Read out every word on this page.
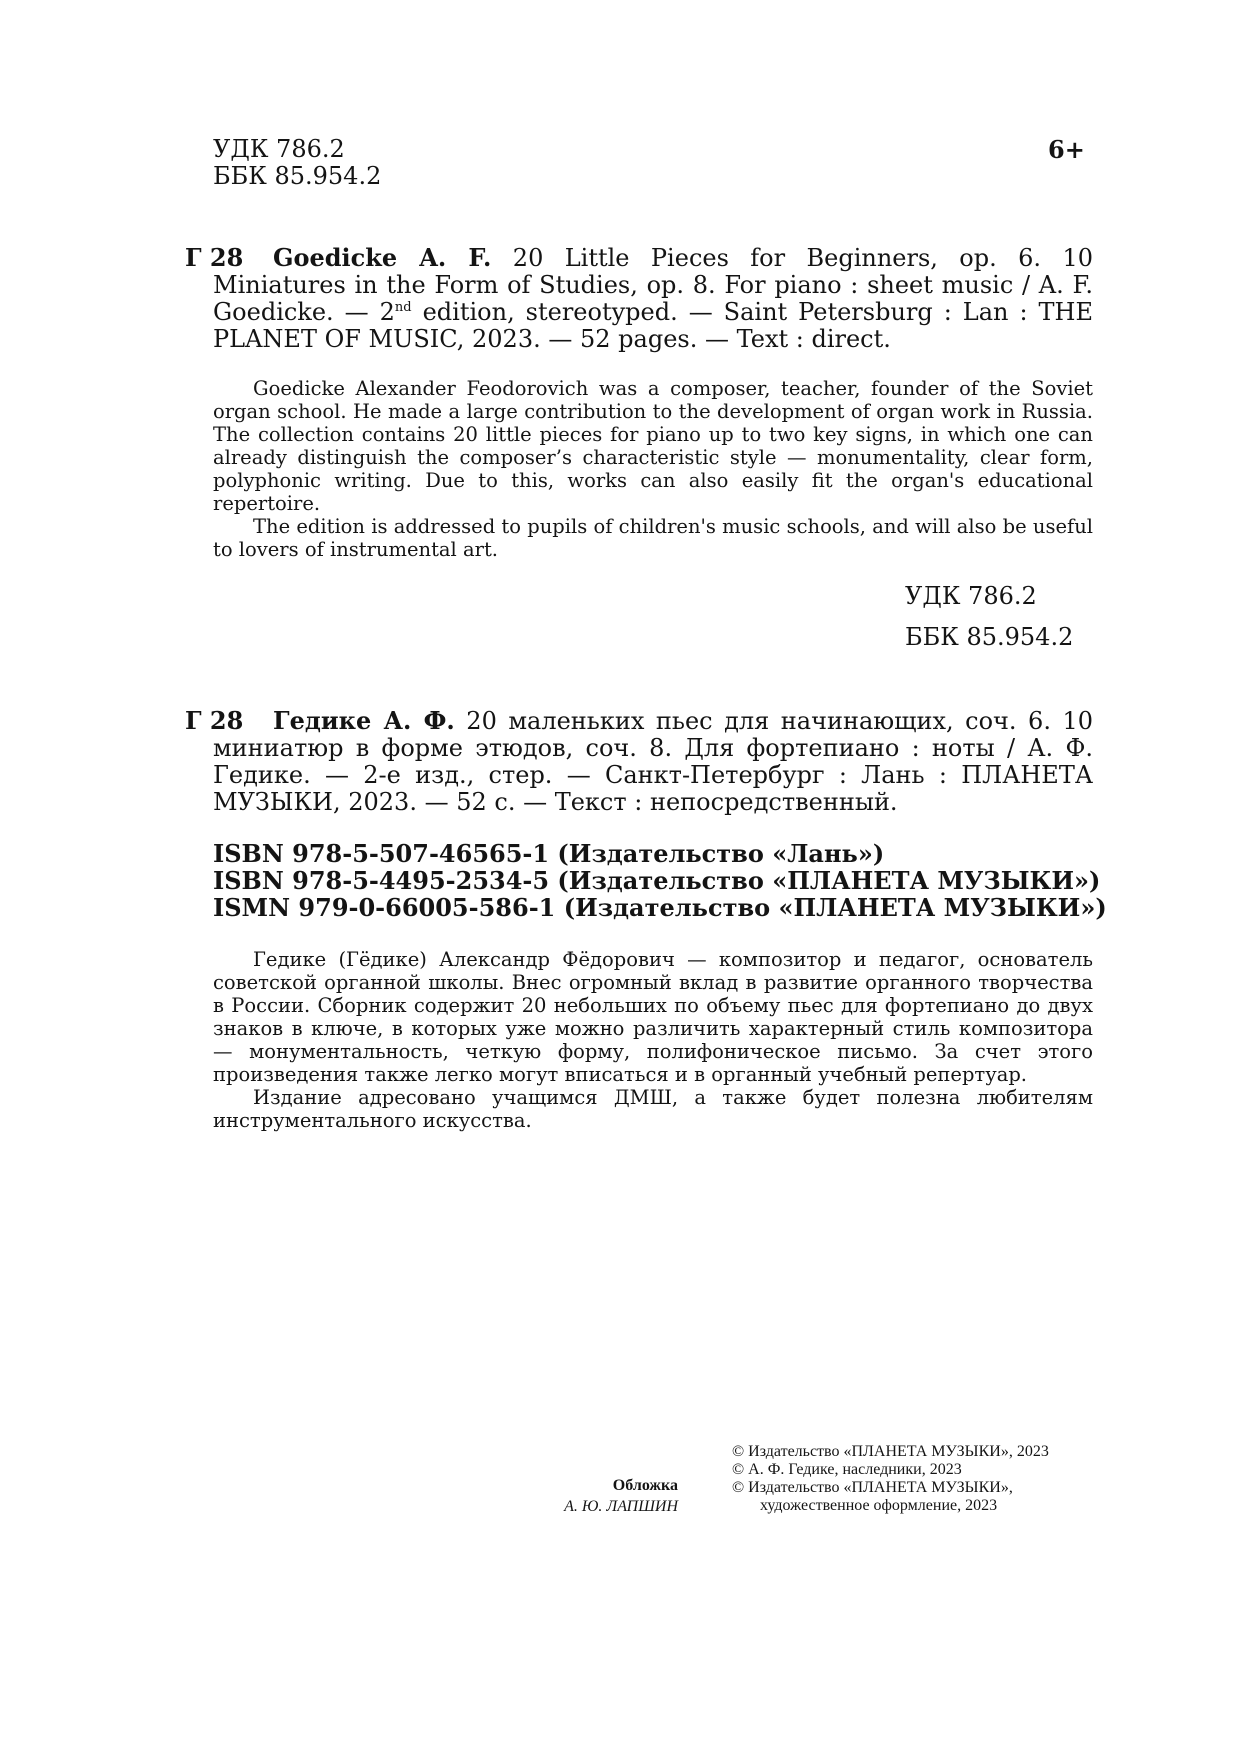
УДК 786.2
ББК 85.954.2
6+
Г 28	Goedicke A. F. 20 Little Pieces for Beginners, op. 6. 10 Miniatures in the Form of Studies, op. 8. For piano : sheet music / A. F. Goedicke. — 2nd edition, stereotyped. — Saint Petersburg : Lan : THE PLANET OF MUSIC, 2023. — 52 pages. — Text : direct.

Goedicke Alexander Feodorovich was a composer, teacher, founder of the Soviet organ school. He made a large contribution to the development of organ work in Russia. The collection contains 20 little pieces for piano up to two key signs, in which one can already distinguish the composer’s characteristic style — monumentality, clear form, polyphonic writing. Due to this, works can also easily fit the organ's educational repertoire.

The edition is addressed to pupils of children's music schools, and will also be useful to lovers of instrumental art.

УДК 786.2
ББК 85.954.2
Г 28	Гедике А. Ф. 20 маленьких пьес для начинающих, соч. 6. 10 миниатюр в форме этюдов, соч. 8. Для фортепиано : ноты / А. Ф. Гедике. — 2-е изд., стер. — Санкт-Петербург : Лань : ПЛАНЕТА МУЗЫКИ, 2023. — 52 с. — Текст : непосредственный.
ISBN 978-5-507-46565-1 (Издательство «Лань»)
ISBN 978-5-4495-2534-5 (Издательство «ПЛАНЕТА МУЗЫКИ»)
ISMN 979-0-66005-586-1 (Издательство «ПЛАНЕТА МУЗЫКИ»)

Гедике (Гёдике) Александр Фёдорович — композитор и педагог, основатель советской органной школы. Внес огромный вклад в развитие органного творчества в России. Сборник содержит 20 небольших по объему пьес для фортепиано до двух знаков в ключе, в которых уже можно различить характерный стиль композитора — монументальность, четкую форму, полифоническое письмо. За счет этого произведения также легко могут вписаться и в органный учебный репертуар.

Издание адресовано учащимся ДМШ, а также будет полезна любителям инструментального искусства.

Обложка
А. Ю. ЛАПШИН
© Издательство «ПЛАНЕТА МУЗЫКИ», 2023
© А. Ф. Гедике, наследники, 2023
© Издательство «ПЛАНЕТА МУЗЫКИ», художественное оформление, 2023
